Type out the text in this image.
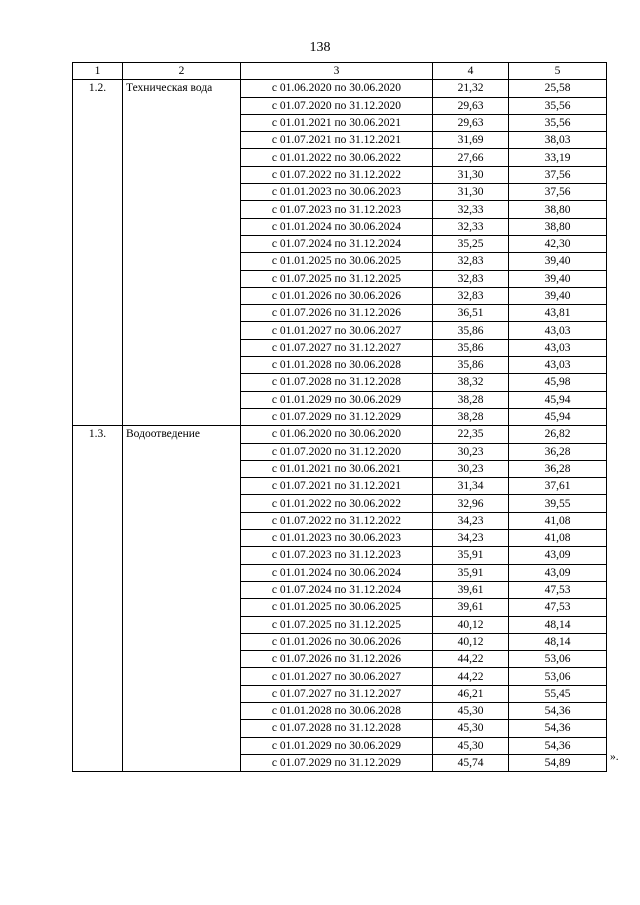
138
1	2	3	4	5
1.2.	Техническая вода	с 01.06.2020 по 30.06.2020	21,32	25,58
		с 01.07.2020 по 31.12.2020	29,63	35,56
		с 01.01.2021 по 30.06.2021	29,63	35,56
		с 01.07.2021 по 31.12.2021	31,69	38,03
		с 01.01.2022 по 30.06.2022	27,66	33,19
		с 01.07.2022 по 31.12.2022	31,30	37,56
		с 01.01.2023 по 30.06.2023	31,30	37,56
		с 01.07.2023 по 31.12.2023	32,33	38,80
		с 01.01.2024 по 30.06.2024	32,33	38,80
		с 01.07.2024 по 31.12.2024	35,25	42,30
		с 01.01.2025 по 30.06.2025	32,83	39,40
		с 01.07.2025 по 31.12.2025	32,83	39,40
		с 01.01.2026 по 30.06.2026	32,83	39,40
		с 01.07.2026 по 31.12.2026	36,51	43,81
		с 01.01.2027 по 30.06.2027	35,86	43,03
		с 01.07.2027 по 31.12.2027	35,86	43,03
		с 01.01.2028 по 30.06.2028	35,86	43,03
		с 01.07.2028 по 31.12.2028	38,32	45,98
		с 01.01.2029 по 30.06.2029	38,28	45,94
		с 01.07.2029 по 31.12.2029	38,28	45,94
1.3.	Водоотведение	с 01.06.2020 по 30.06.2020	22,35	26,82
		с 01.07.2020 по 31.12.2020	30,23	36,28
		с 01.01.2021 по 30.06.2021	30,23	36,28
		с 01.07.2021 по 31.12.2021	31,34	37,61
		с 01.01.2022 по 30.06.2022	32,96	39,55
		с 01.07.2022 по 31.12.2022	34,23	41,08
		с 01.01.2023 по 30.06.2023	34,23	41,08
		с 01.07.2023 по 31.12.2023	35,91	43,09
		с 01.01.2024 по 30.06.2024	35,91	43,09
		с 01.07.2024 по 31.12.2024	39,61	47,53
		с 01.01.2025 по 30.06.2025	39,61	47,53
		с 01.07.2025 по 31.12.2025	40,12	48,14
		с 01.01.2026 по 30.06.2026	40,12	48,14
		с 01.07.2026 по 31.12.2026	44,22	53,06
		с 01.01.2027 по 30.06.2027	44,22	53,06
		с 01.07.2027 по 31.12.2027	46,21	55,45
		с 01.01.2028 по 30.06.2028	45,30	54,36
		с 01.07.2028 по 31.12.2028	45,30	54,36
		с 01.01.2029 по 30.06.2029	45,30	54,36
		с 01.07.2029 по 31.12.2029	45,74	54,89
».
